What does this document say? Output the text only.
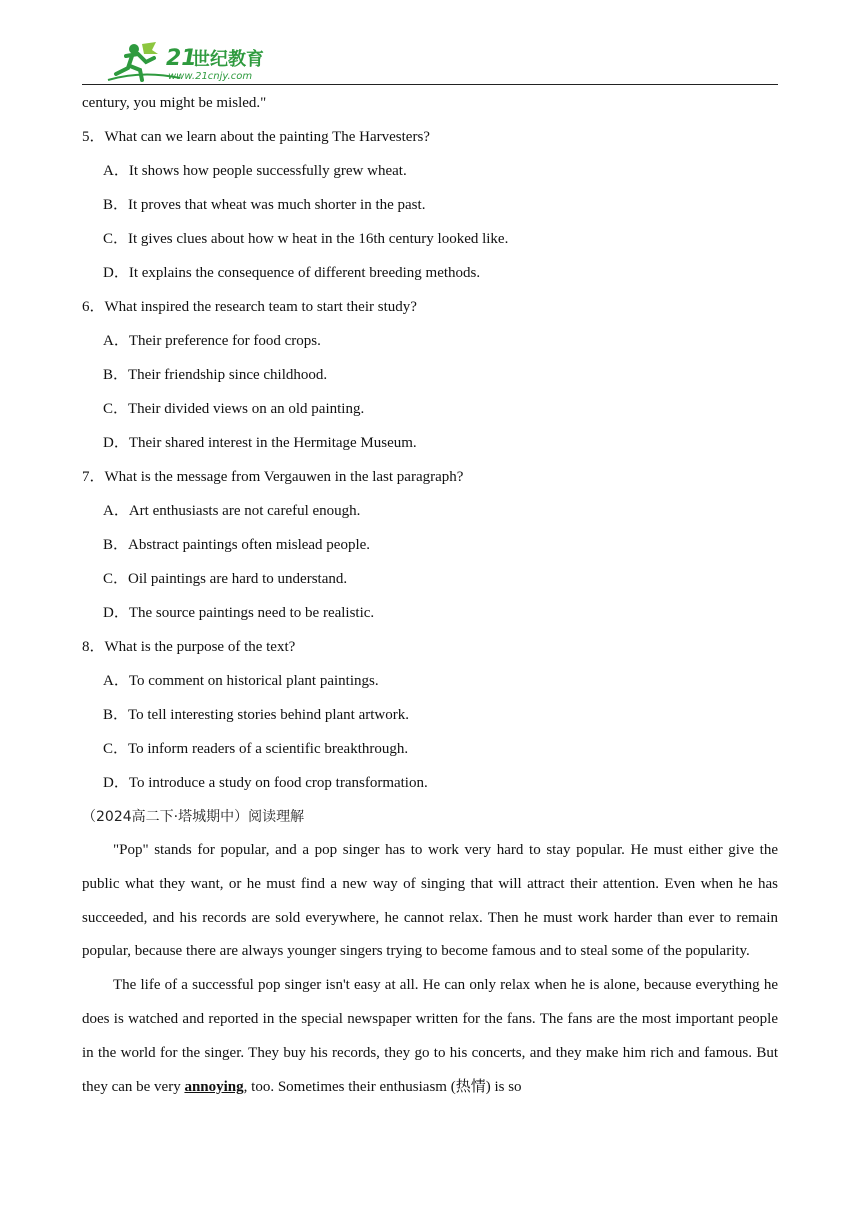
21
世纪教育
www.21cnjy.com
century, you might be misled."
5．What can we learn about the painting The Harvesters?
A．It shows how people successfully grew wheat.
B．It proves that wheat was much shorter in the past.
C．It gives clues about how w heat in the 16th century looked like.
D．It explains the consequence of different breeding methods.
6．What inspired the research team to start their study?
A．Their preference for food crops.
B．Their friendship since childhood.
C．Their divided views on an old painting.
D．Their shared interest in the Hermitage Museum.
7．What is the message from Vergauwen in the last paragraph?
A．Art enthusiasts are not careful enough.
B．Abstract paintings often mislead people.
C．Oil paintings are hard to understand.
D．The source paintings need to be realistic.
8．What is the purpose of the text?
A．To comment on historical plant paintings.
B．To tell interesting stories behind plant artwork.
C．To inform readers of a scientific breakthrough.
D．To introduce a study on food crop transformation.
（2024高二下·塔城期中）阅读理解

"Pop" stands for popular, and a pop singer has to work very hard to stay popular. He must either give the public what they want, or he must find a new way of singing that will attract their attention. Even when he has succeeded, and his records are sold everywhere, he cannot relax. Then he must work harder than ever to remain popular, because there are always younger singers trying to become famous and to steal some of the popularity.

The life of a successful pop singer isn't easy at all. He can only relax when he is alone, because everything he does is watched and reported in the special newspaper written for the fans. The fans are the most important people in the world for the singer. They buy his records, they go to his concerts, and they make him rich and famous. But they can be very annoying, too. Sometimes their enthusiasm (热情) is so
